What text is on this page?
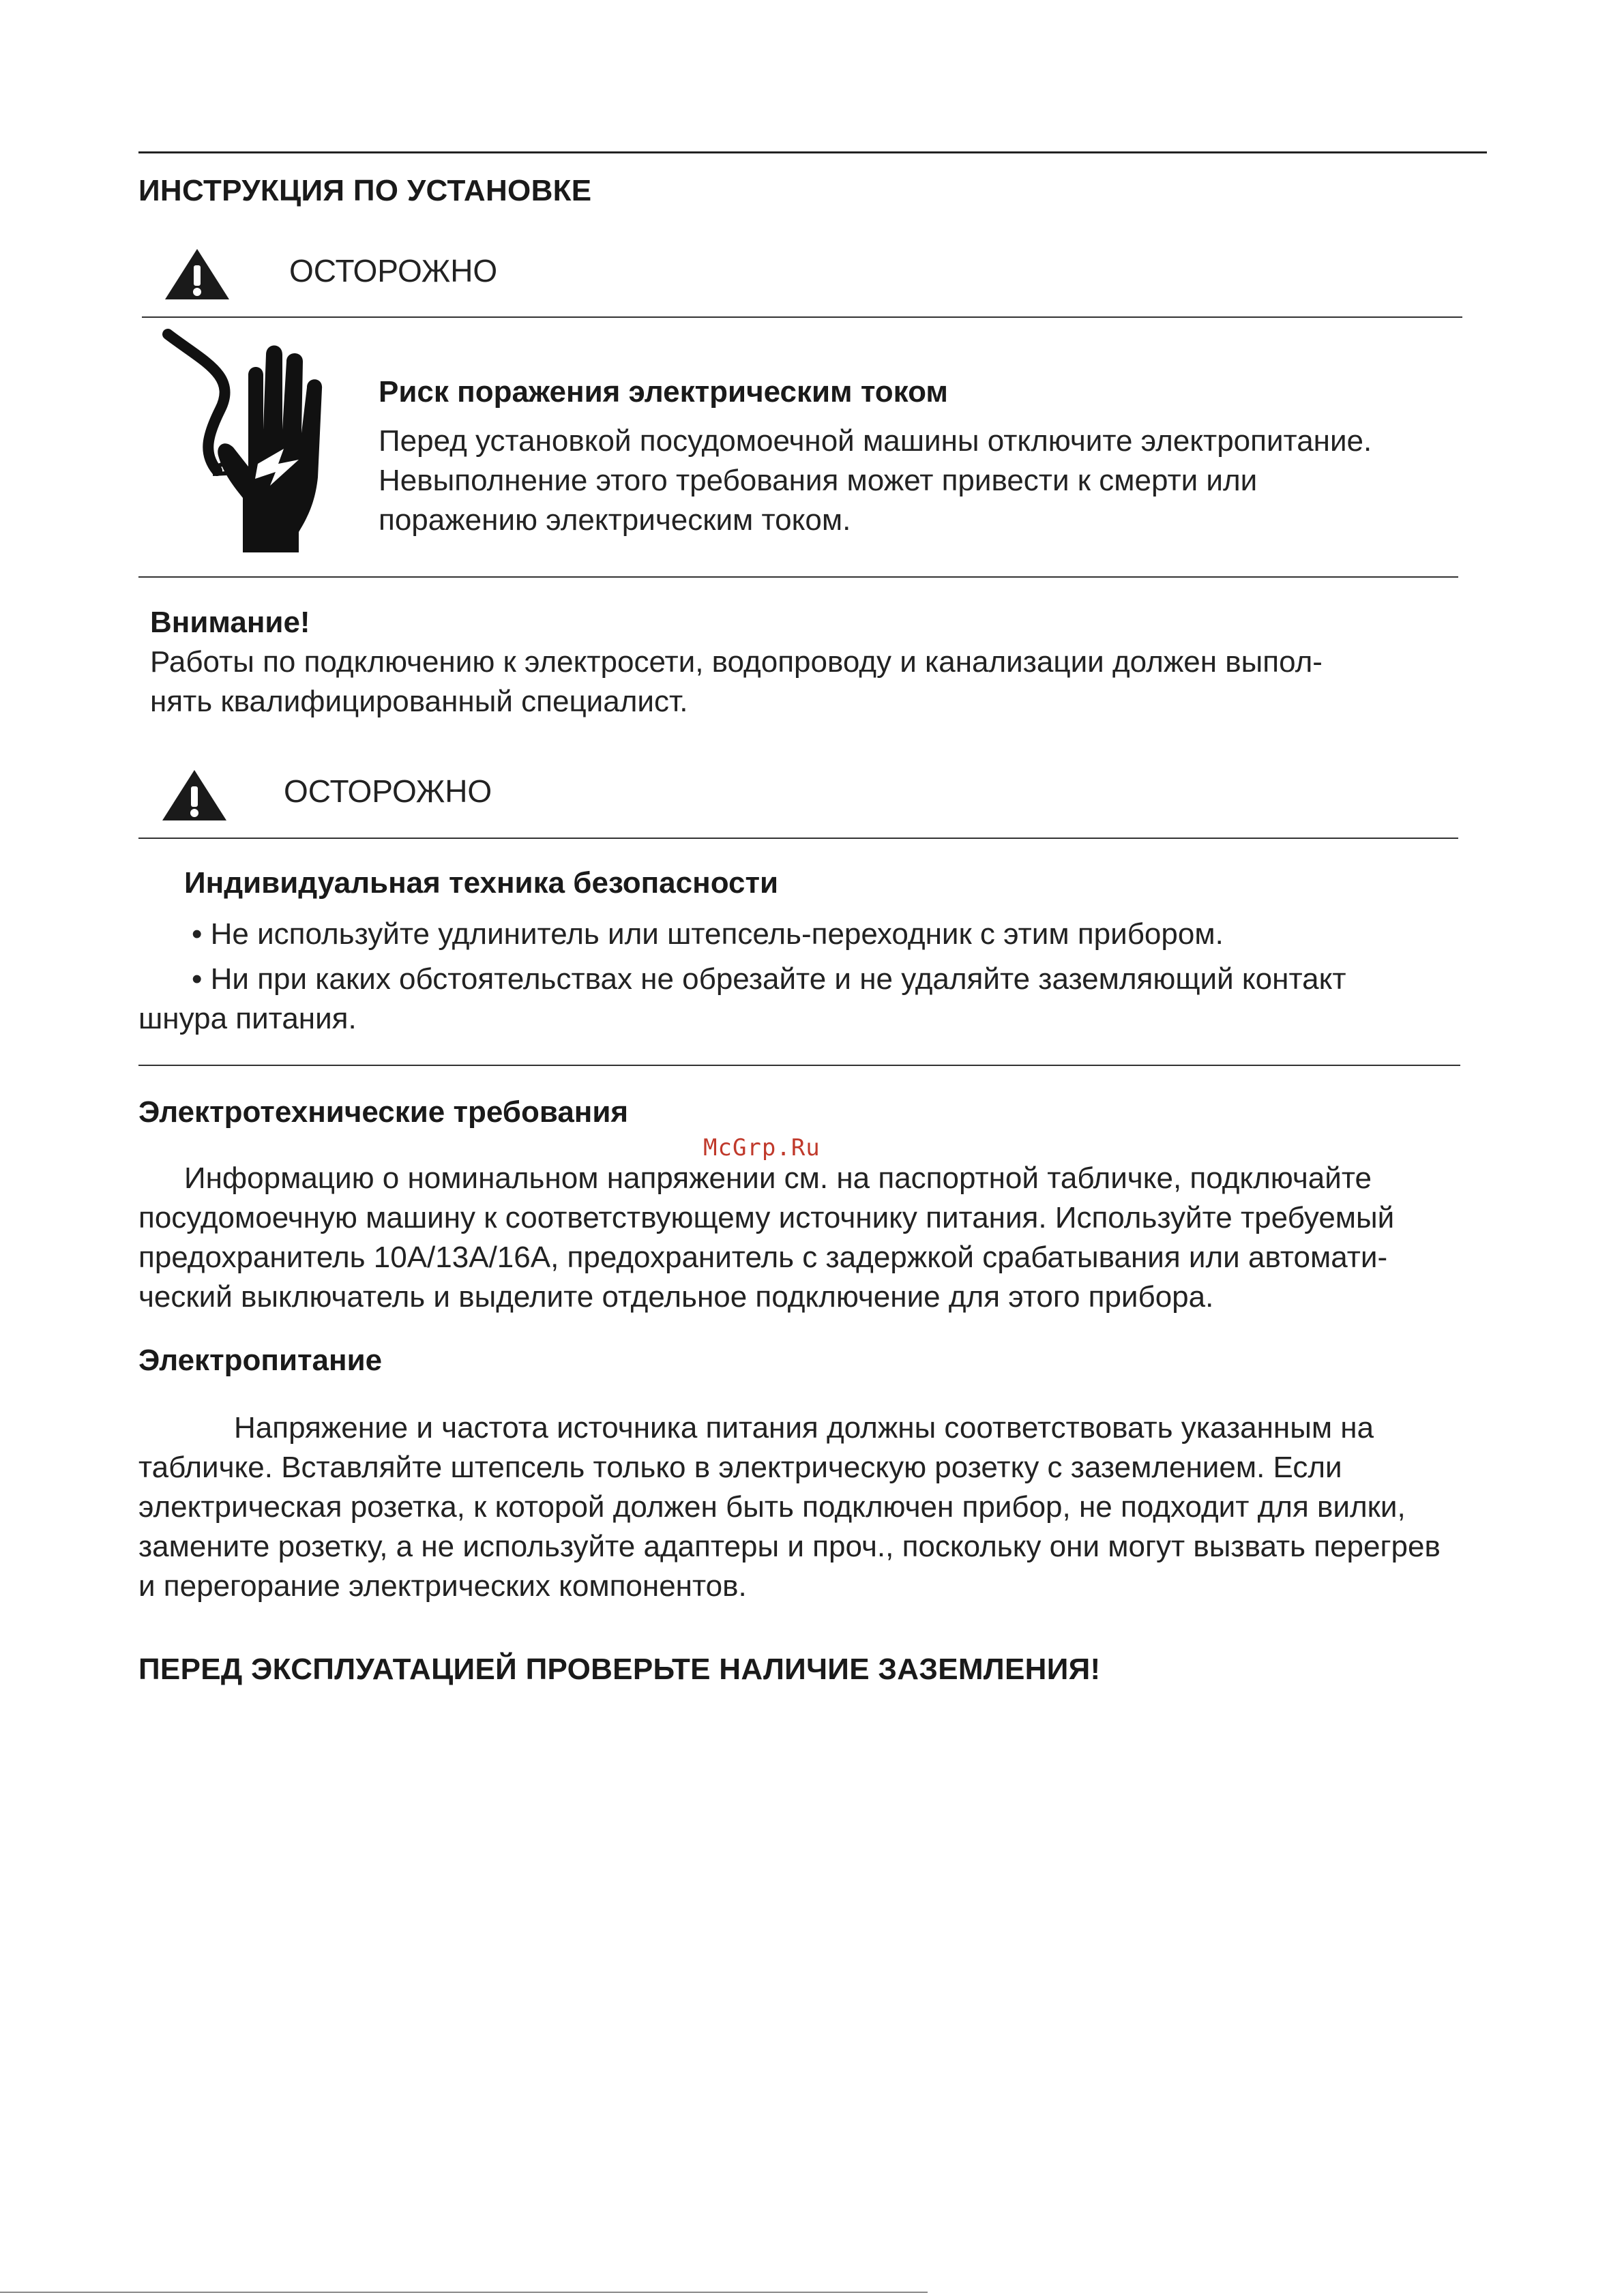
ИНСТРУКЦИЯ ПО УСТАНОВКЕ
ОСТОРОЖНО
Риск поражения электрическим током
Перед установкой посудомоечной машины отключите электропитание.
Невыполнение этого требования может привести к смерти или
поражению электрическим током.
Внимание!
Работы по подключению к электросети, водопроводу и канализации должен выпол-
нять квалифицированный специалист.
ОСТОРОЖНО
Индивидуальная техника безопасности
• Не используйте удлинитель или штепсель-переходник с этим прибором.
• Ни при каких обстоятельствах не обрезайте и не удаляйте заземляющий контакт
шнура питания.
Электротехнические требования
McGrp.Ru
Информацию о номинальном напряжении см. на паспортной табличке, подключайте
посудомоечную машину к соответствующему источнику питания. Используйте требуемый
предохранитель 10A/13A/16A, предохранитель с задержкой срабатывания или автомати-
ческий выключатель и выделите отдельное подключение для этого прибора.
Электропитание
Напряжение и частота источника питания должны соответствовать указанным на
табличке. Вставляйте штепсель только в электрическую розетку с заземлением. Если
электрическая розетка, к которой должен быть подключен прибор, не подходит для вилки,
замените розетку, а не используйте адаптеры и проч., поскольку они могут вызвать перегрев
и перегорание электрических компонентов.
ПЕРЕД ЭКСПЛУАТАЦИЕЙ ПРОВЕРЬТЕ НАЛИЧИЕ ЗАЗЕМЛЕНИЯ!
